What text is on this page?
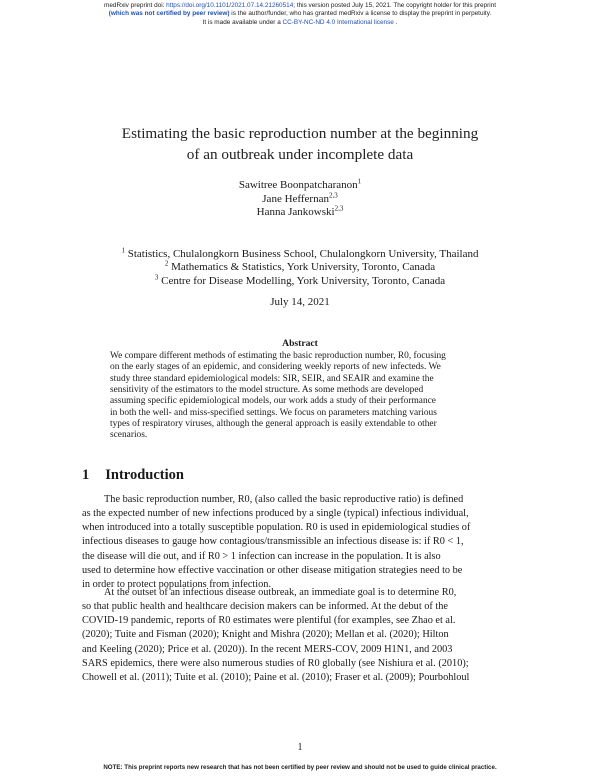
medRxiv preprint doi: https://doi.org/10.1101/2021.07.14.21260514; this version posted July 15, 2021. The copyright holder for this preprint
(which was not certified by peer review) is the author/funder, who has granted medRxiv a license to display the preprint in perpetuity.
It is made available under a CC-BY-NC-ND 4.0 International license .
Estimating the basic reproduction number at the beginning
of an outbreak under incomplete data
Sawitree Boonpatcharanon$^1$
Jane Heffernan$^{2,3}$
Hanna Jankowski$^{2,3}$
$^1$ Statistics, Chulalongkorn Business School, Chulalongkorn University, Thailand
$^2$ Mathematics & Statistics, York University, Toronto, Canada
$^3$ Centre for Disease Modelling, York University, Toronto, Canada
July 14, 2021
Abstract
We compare different methods of estimating the basic reproduction number, R0, focusing
on the early stages of an epidemic, and considering weekly reports of new infecteds. We
study three standard epidemiological models: SIR, SEIR, and SEAIR and examine the
sensitivity of the estimators to the model structure. As some methods are developed
assuming specific epidemiological models, our work adds a study of their performance
in both the well- and miss-specified settings. We focus on parameters matching various
types of respiratory viruses, although the general approach is easily extendable to other
scenarios.
1 Introduction
The basic reproduction number, R0, (also called the basic reproductive ratio) is defined
as the expected number of new infections produced by a single (typical) infectious individual,
when introduced into a totally susceptible population. R0 is used in epidemiological studies of
infectious diseases to gauge how contagious/transmissible an infectious disease is: if R0 < 1,
the disease will die out, and if R0 > 1 infection can increase in the population. It is also
used to determine how effective vaccination or other disease mitigation strategies need to be
in order to protect populations from infection.
At the outset of an infectious disease outbreak, an immediate goal is to determine R0,
so that public health and healthcare decision makers can be informed. At the debut of the
COVID-19 pandemic, reports of R0 estimates were plentiful (for examples, see Zhao et al.
(2020); Tuite and Fisman (2020); Knight and Mishra (2020); Mellan et al. (2020); Hilton
and Keeling (2020); Price et al. (2020)). In the recent MERS-COV, 2009 H1N1, and 2003
SARS epidemics, there were also numerous studies of R0 globally (see Nishiura et al. (2010);
Chowell et al. (2011); Tuite et al. (2010); Paine et al. (2010); Fraser et al. (2009); Pourbohloul
1
NOTE: This preprint reports new research that has not been certified by peer review and should not be used to guide clinical practice.
